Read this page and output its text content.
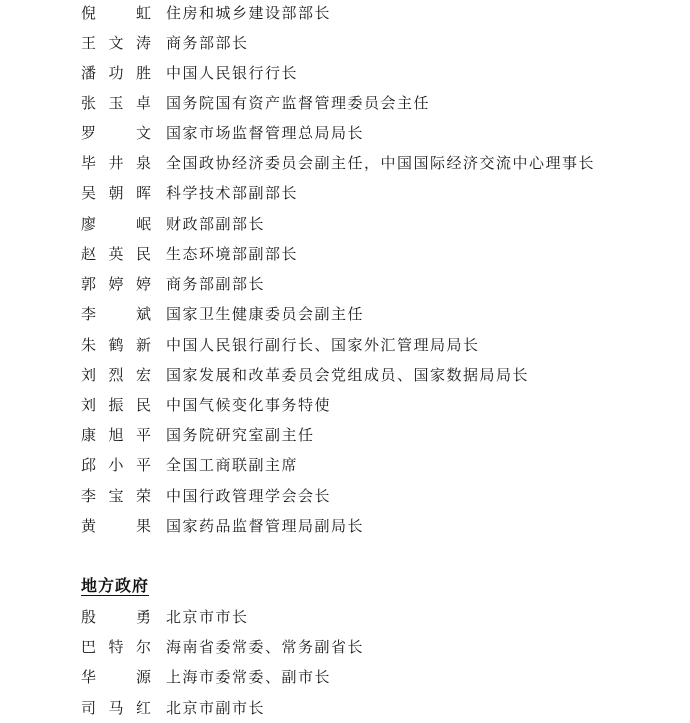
倪　虹 住房和城乡建设部部长
王文涛 商务部部长
潘功胜 中国人民银行行长
张玉卓 国务院国有资产监督管理委员会主任
罗　文 国家市场监督管理总局局长
毕井泉 全国政协经济委员会副主任，中国国际经济交流中心理事长
吴朝晖 科学技术部副部长
廖　岷 财政部副部长
赵英民 生态环境部副部长
郭婷婷 商务部副部长
李　斌 国家卫生健康委员会副主任
朱鹤新 中国人民银行副行长、国家外汇管理局局长
刘烈宏 国家发展和改革委员会党组成员、国家数据局局长
刘振民 中国气候变化事务特使
康旭平 国务院研究室副主任
邱小平 全国工商联副主席
李宝荣 中国行政管理学会会长
黄　果 国家药品监督管理局副局长
地方政府
殷　勇 北京市市长
巴特尔 海南省委常委、常务副省长
华　源 上海市委常委、副市长
司马红 北京市副市长
